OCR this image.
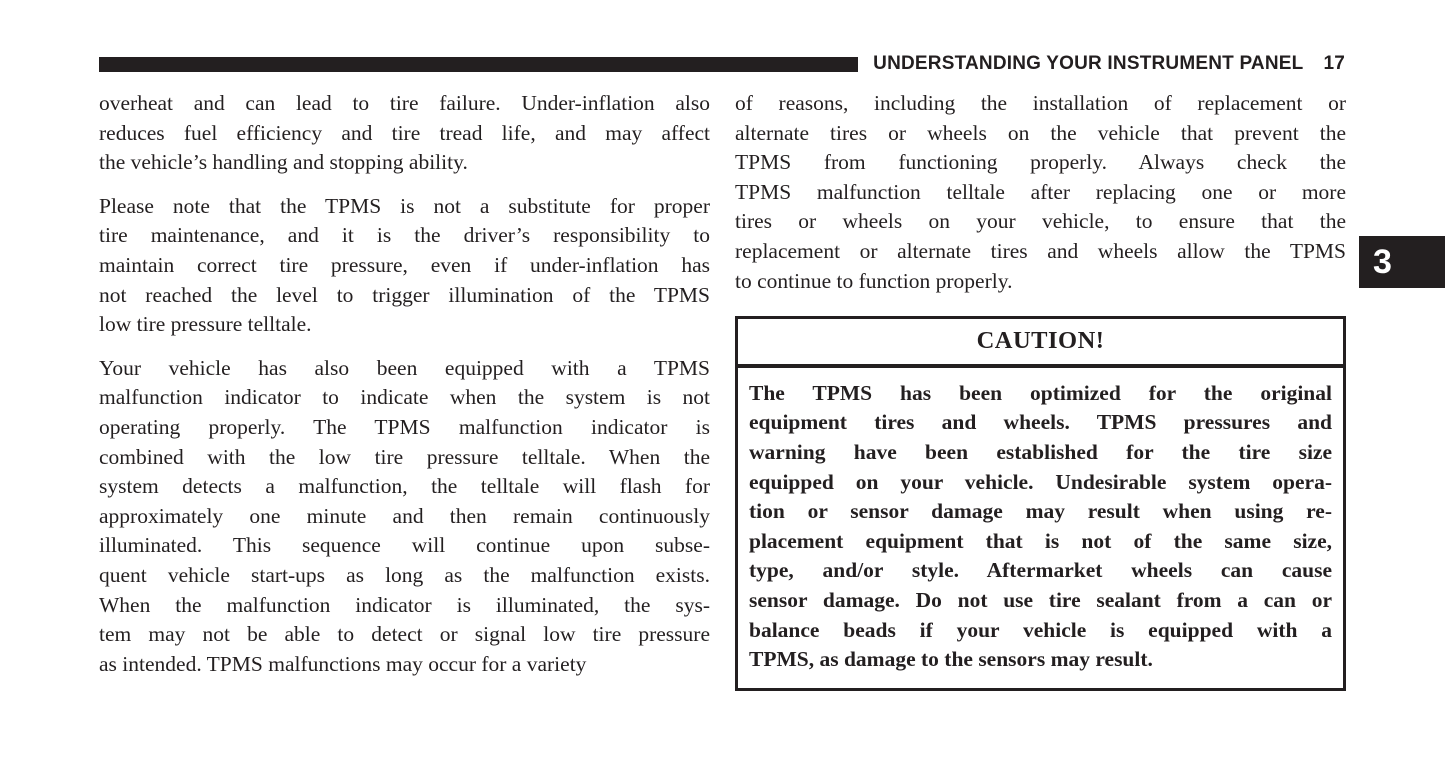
UNDERSTANDING YOUR INSTRUMENT PANEL 17
overheat and can lead to tire failure. Under-inflation also
reduces fuel efficiency and tire tread life, and may affect
the vehicle’s handling and stopping ability.
Please note that the TPMS is not a substitute for proper
tire maintenance, and it is the driver’s responsibility to
maintain correct tire pressure, even if under-inflation has
not reached the level to trigger illumination of the TPMS
low tire pressure telltale.
Your vehicle has also been equipped with a TPMS
malfunction indicator to indicate when the system is not
operating properly. The TPMS malfunction indicator is
combined with the low tire pressure telltale. When the
system detects a malfunction, the telltale will flash for
approximately one minute and then remain continuously
illuminated. This sequence will continue upon subse-
quent vehicle start-ups as long as the malfunction exists.
When the malfunction indicator is illuminated, the sys-
tem may not be able to detect or signal low tire pressure
as intended. TPMS malfunctions may occur for a variety
of reasons, including the installation of replacement or
alternate tires or wheels on the vehicle that prevent the
TPMS from functioning properly. Always check the
TPMS malfunction telltale after replacing one or more
tires or wheels on your vehicle, to ensure that the
replacement or alternate tires and wheels allow the TPMS
to continue to function properly.
CAUTION!
The TPMS has been optimized for the original
equipment tires and wheels. TPMS pressures and
warning have been established for the tire size
equipped on your vehicle. Undesirable system opera-
tion or sensor damage may result when using re-
placement equipment that is not of the same size,
type, and/or style. Aftermarket wheels can cause
sensor damage. Do not use tire sealant from a can or
balance beads if your vehicle is equipped with a
TPMS, as damage to the sensors may result.
3
